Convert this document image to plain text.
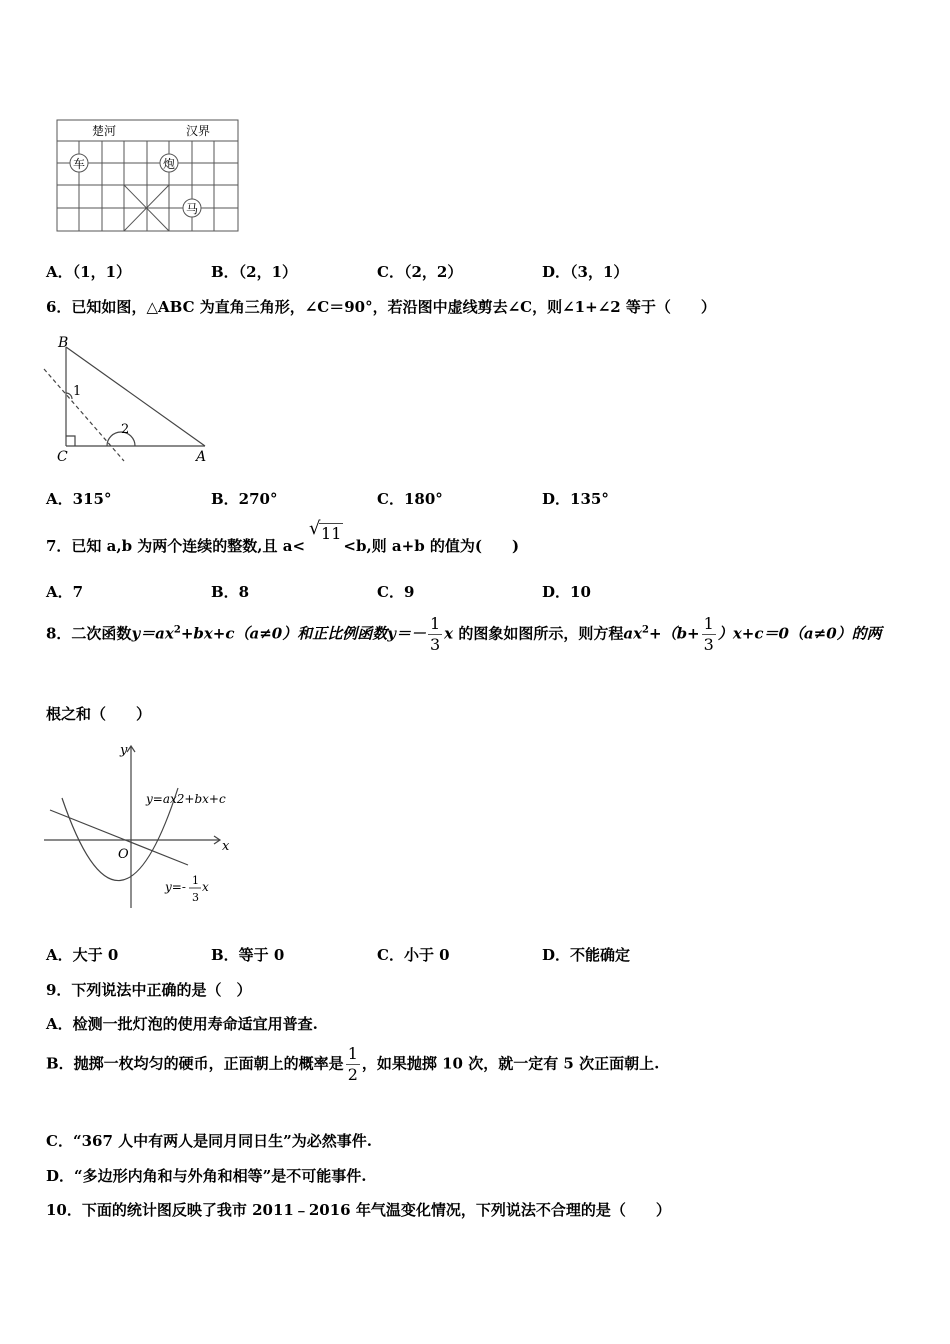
楚河	汉界
车	炮
马
A．（1，1）	B．（2，1）	C．（2，2）	D．（3，1）
6．已知如图，△ABC 为直角三角形，∠C＝90°，若沿图中虚线剪去∠C，则∠1+∠2 等于（　　）
B
C	A
1
2
A．315°	B．270°	C．180°	D．135°
7．已知 a,b 为两个连续的整数,且 a<
√ 11<b,则 a+b 的值为(　　)
A．7	B．8	C．9	D．10
8．二次函数$y=ax^2+bx+c(a\ne 0)$和正比例函数$y=- \frac{1}{3}$ x 的图象如图所示，则方程$ax^2+(b+ \frac{1}{3} )x+c=0(a\ne 0)$的两
根之和（　　）
y
x
O
y=ax2+bx+c
y=- 1
3
x
A．大于 0	B．等于 0	C．小于 0	D．不能确定
9．下列说法中正确的是（　）
A．检测一批灯泡的使用寿命适宜用普查.
B．抛掷一枚均匀的硬币，正面朝上的概率是 $\frac{1}{2}$ ，如果抛掷 10 次，就一定有 5 次正面朝上.
C．“367 人中有两人是同月同日生”为必然事件.
D．“多边形内角和与外角和相等”是不可能事件.
10．下面的统计图反映了我市 2011﹣2016 年气温变化情况，下列说法不合理的是（　　）
